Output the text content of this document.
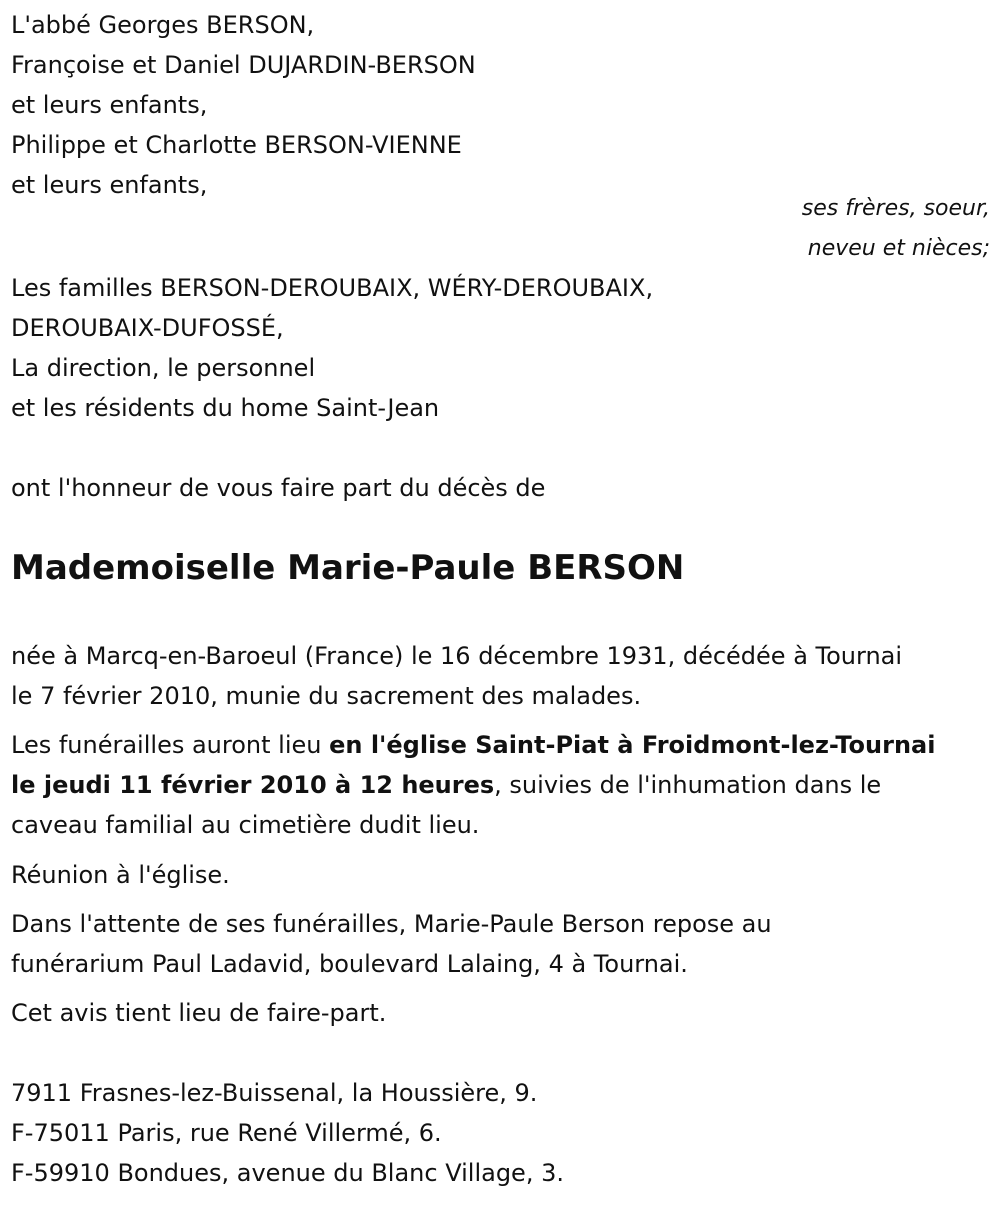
L'abbé Georges BERSON,
Françoise et Daniel DUJARDIN-BERSON
et leurs enfants,
Philippe et Charlotte BERSON-VIENNE
et leurs enfants,
ses frères, soeur,
neveu et nièces;
Les familles BERSON-DEROUBAIX, WÉRY-DEROUBAIX,
DEROUBAIX-DUFOSSÉ,
La direction, le personnel
et les résidents du home Saint-Jean
ont l'honneur de vous faire part du décès de
Mademoiselle Marie-Paule BERSON
née à Marcq-en-Baroeul (France) le 16 décembre 1931, décédée à Tournai
le 7 février 2010, munie du sacrement des malades.
Les funérailles auront lieu en l'église Saint-Piat à Froidmont-lez-Tournai
le jeudi 11 février 2010 à 12 heures, suivies de l'inhumation dans le
caveau familial au cimetière dudit lieu.
Réunion à l'église.
Dans l'attente de ses funérailles, Marie-Paule Berson repose au
funérarium Paul Ladavid, boulevard Lalaing, 4 à Tournai.
Cet avis tient lieu de faire-part.
7911 Frasnes-lez-Buissenal, la Houssière, 9.
F-75011 Paris, rue René Villermé, 6.
F-59910 Bondues, avenue du Blanc Village, 3.
